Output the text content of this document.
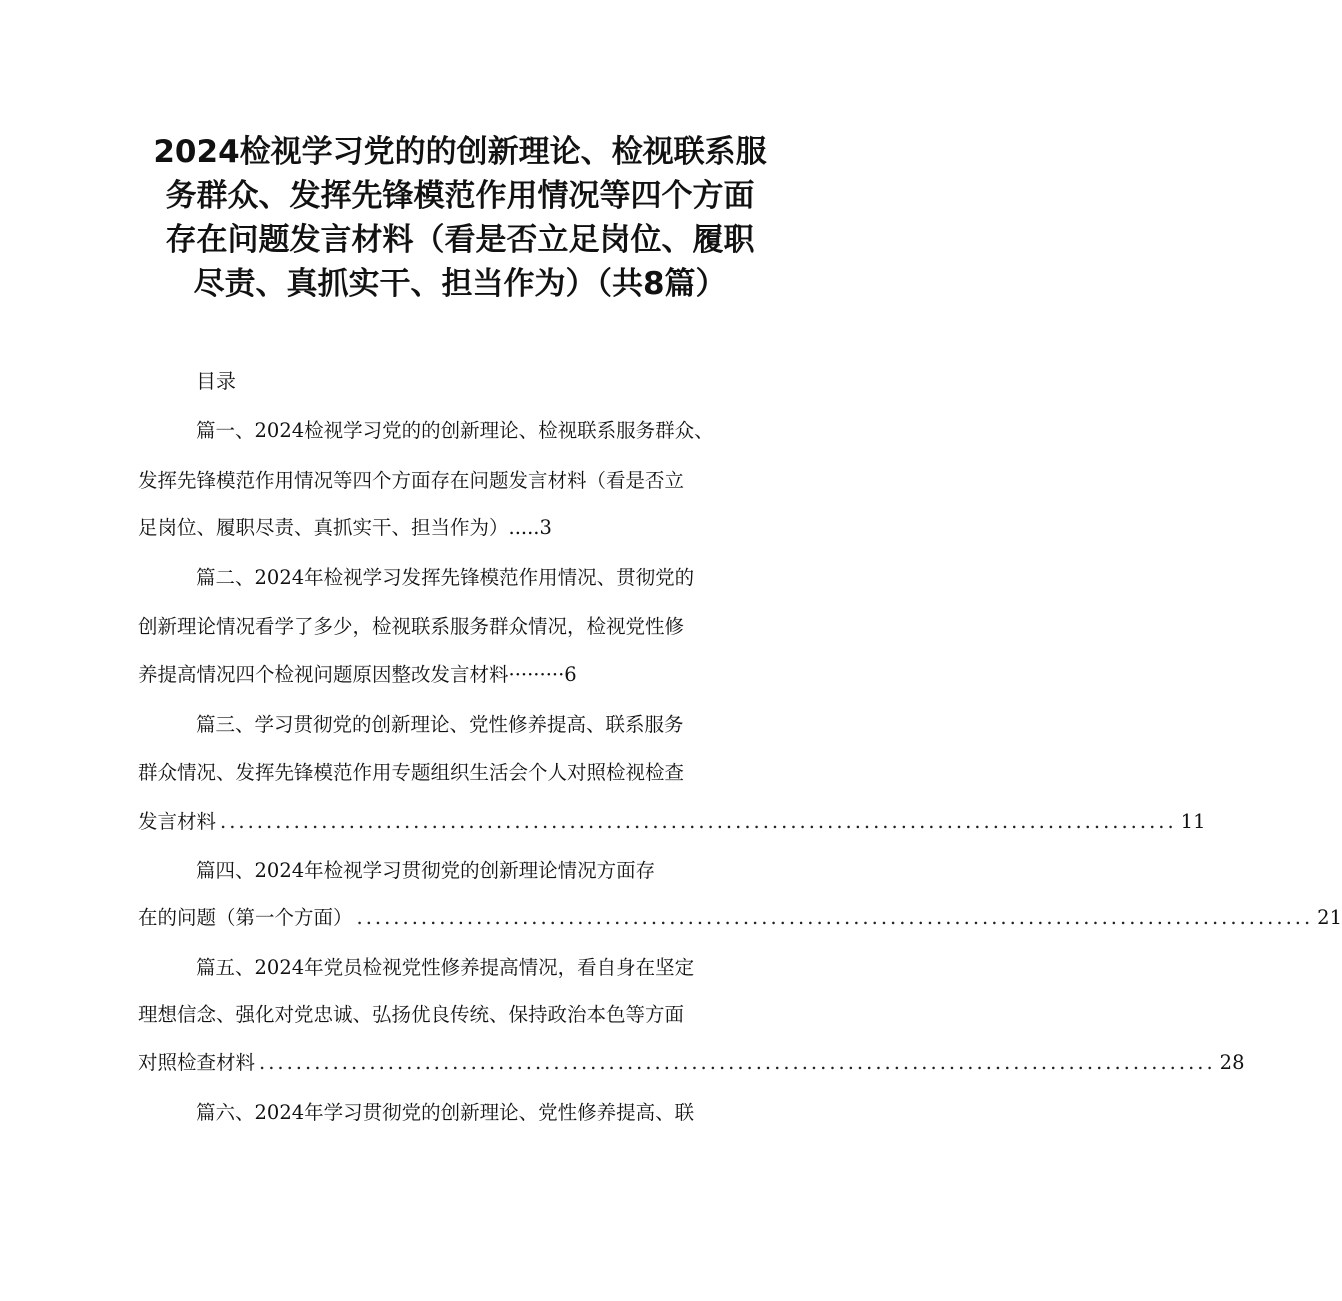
2024检视学习党的的创新理论、检视联系服
务群众、发挥先锋模范作用情况等四个方面
存在问题发言材料（看是否立足岗位、履职
尽责、真抓实干、担当作为）（共8篇）
目录
篇一、2024检视学习党的的创新理论、检视联系服务群众、
发挥先锋模范作用情况等四个方面存在问题发言材料（看是否立
足岗位、履职尽责、真抓实干、担当作为）.....3
篇二、2024年检视学习发挥先锋模范作用情况、贯彻党的
创新理论情况看学了多少，检视联系服务群众情况，检视党性修
养提高情况四个检视问题原因整改发言材料·········6
篇三、学习贯彻党的创新理论、党性修养提高、联系服务
群众情况、发挥先锋模范作用专题组织生活会个人对照检视检查
发言材料 ........................................................................................................ 11
篇四、2024年检视学习贯彻党的创新理论情况方面存
在的问题（第一个方面） ........................................................................................................ 21
篇五、2024年党员检视党性修养提高情况，看自身在坚定
理想信念、强化对党忠诚、弘扬优良传统、保持政治本色等方面
对照检查材料 ........................................................................................................ 28
篇六、2024年学习贯彻党的创新理论、党性修养提高、联
